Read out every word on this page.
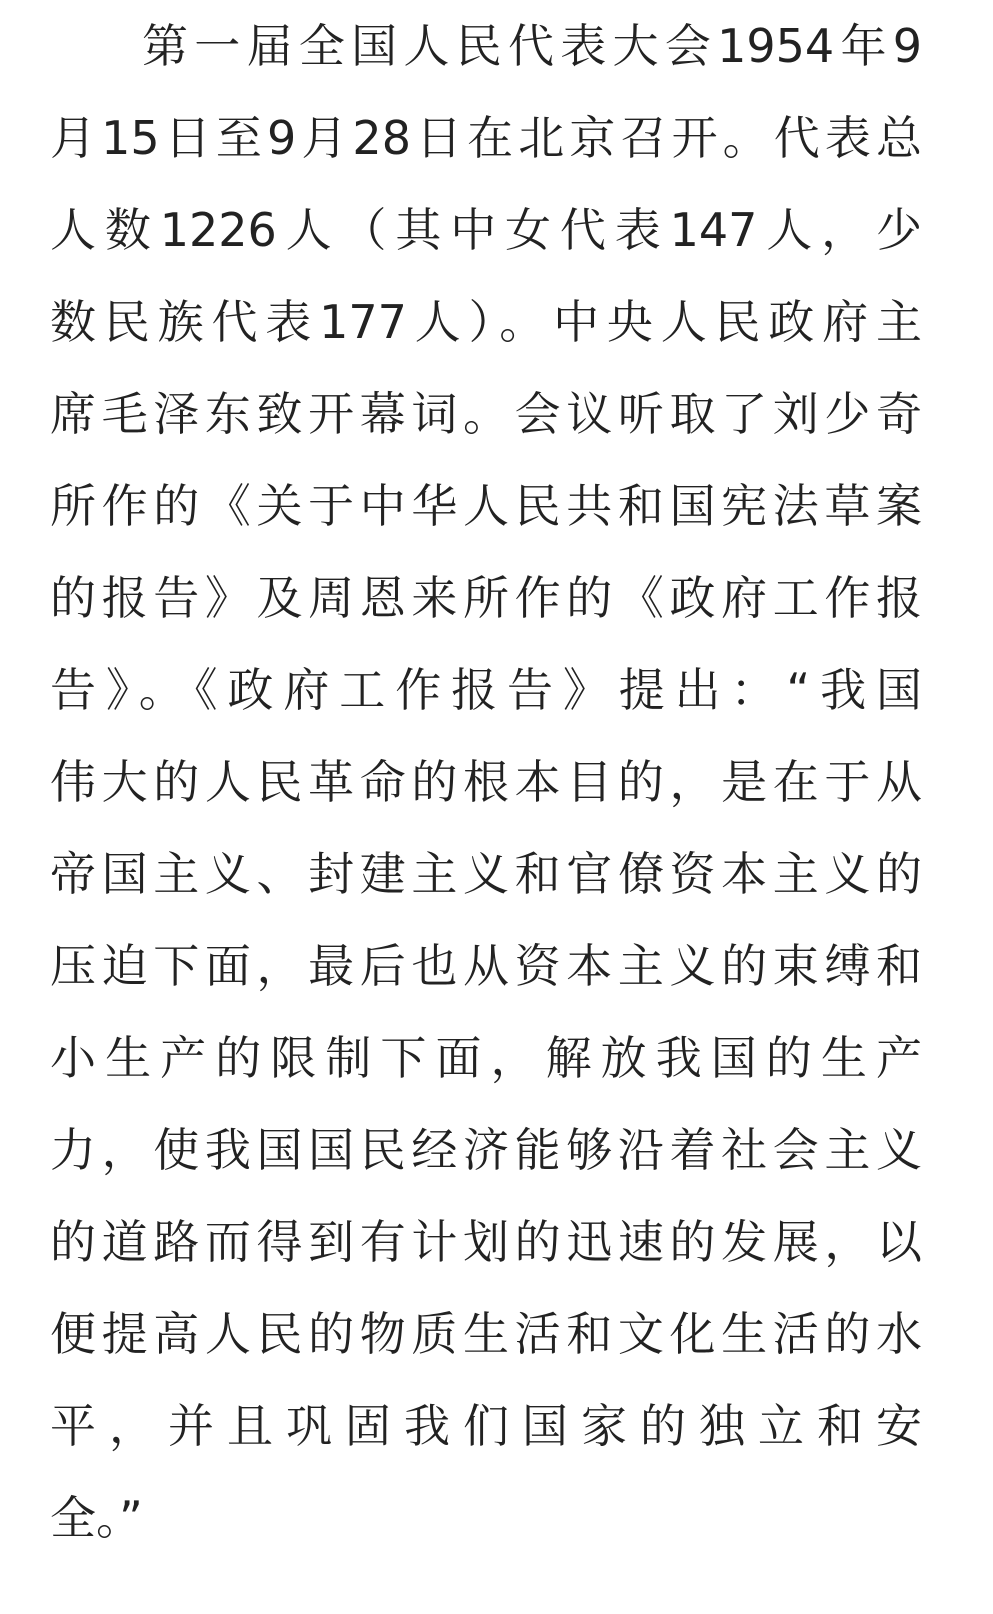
第一届全国人民代表大会1954年9
月15日至9月28日在北京召开。代表总
人数1226人（其中女代表147人，少
数民族代表177人）。中央人民政府主
席毛泽东致开幕词。会议听取了刘少奇
所作的《关于中华人民共和国宪法草案
的报告》及周恩来所作的《政府工作报
告》。《政府工作报告》提出：“我国
伟大的人民革命的根本目的，是在于从
帝国主义、封建主义和官僚资本主义的
压迫下面，最后也从资本主义的束缚和
小生产的限制下面，解放我国的生产
力，使我国国民经济能够沿着社会主义
的道路而得到有计划的迅速的发展，以
便提高人民的物质生活和文化生活的水
平，并且巩固我们国家的独立和安
全。”
